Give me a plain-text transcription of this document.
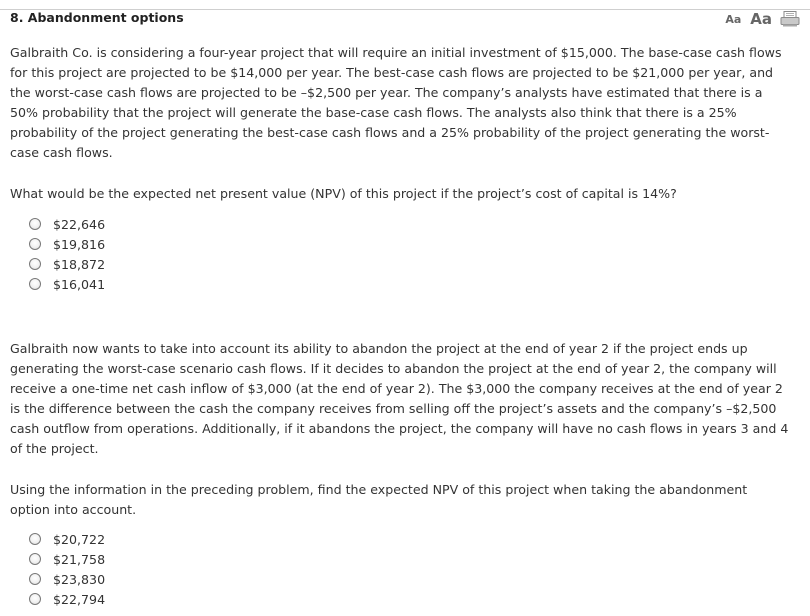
8. Abandonment options	Aa Aa

Galbraith Co. is considering a four-year project that will require an initial investment of $15,000. The base-case cash flows for this project are projected to be $14,000 per year. The best-case cash flows are projected to be $21,000 per year, and the worst-case cash flows are projected to be –$2,500 per year. The company’s analysts have estimated that there is a 50% probability that the project will generate the base-case cash flows. The analysts also think that there is a 25% probability of the project generating the best-case cash flows and a 25% probability of the project generating the worst-case cash flows.

What would be the expected net present value (NPV) of this project if the project’s cost of capital is 14%?

$22,646
$19,816
$18,872
$16,041

Galbraith now wants to take into account its ability to abandon the project at the end of year 2 if the project ends up generating the worst-case scenario cash flows. If it decides to abandon the project at the end of year 2, the company will receive a one-time net cash inflow of $3,000 (at the end of year 2). The $3,000 the company receives at the end of year 2 is the difference between the cash the company receives from selling off the project’s assets and the company’s –$2,500 cash outflow from operations. Additionally, if it abandons the project, the company will have no cash flows in years 3 and 4 of the project.

Using the information in the preceding problem, find the expected NPV of this project when taking the abandonment option into account.

$20,722
$21,758
$23,830
$22,794
